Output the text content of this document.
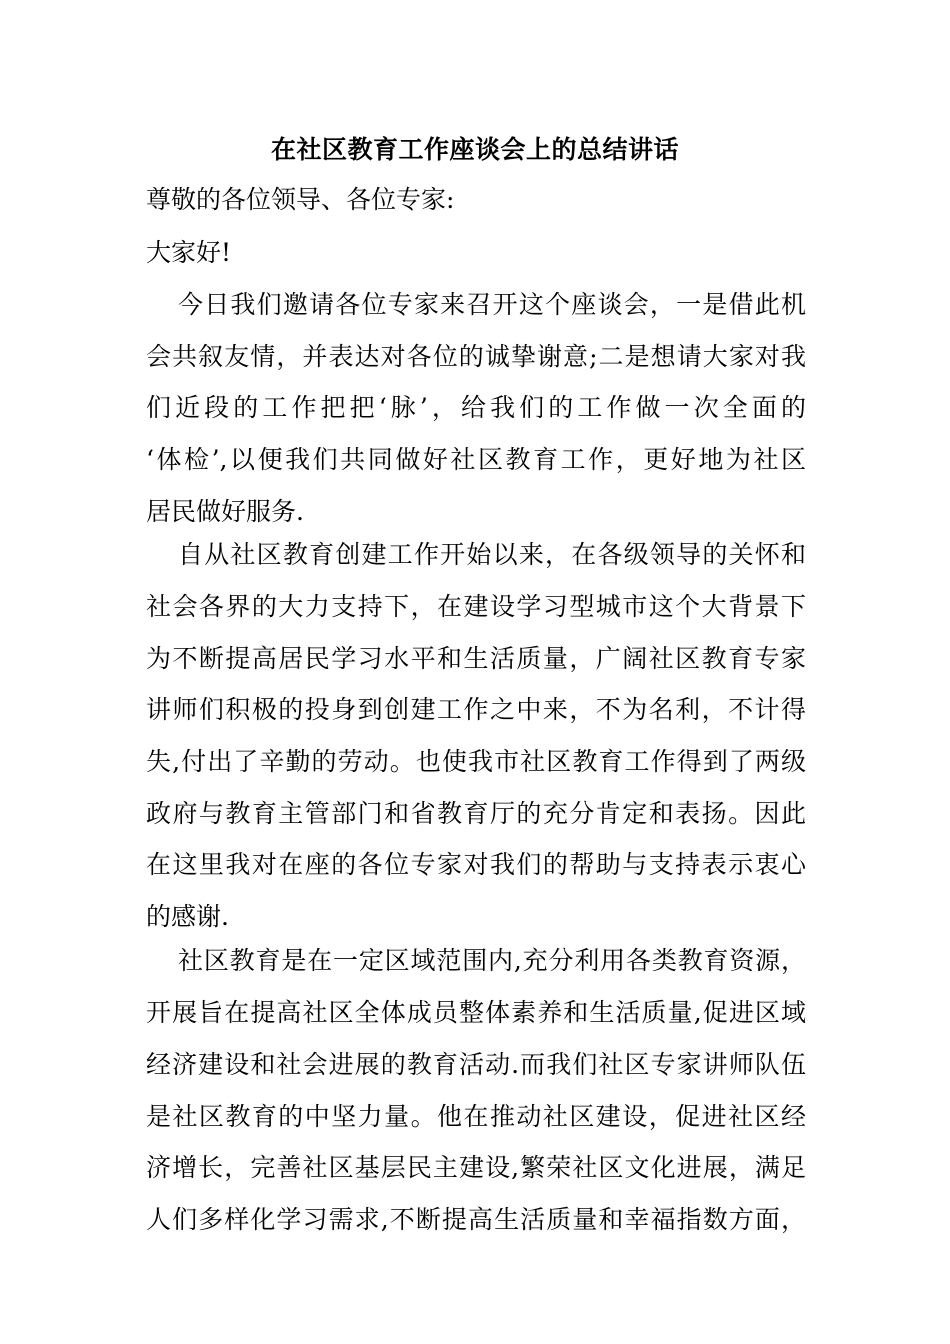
在社区教育工作座谈会上的总结讲话
尊敬的各位领导、各位专家:
大家好!
今日我们邀请各位专家来召开这个座谈会，一是借此机
会共叙友情，并表达对各位的诚挚谢意;二是想请大家对我
们近段的工作把把‘脉’，给我们的工作做一次全面的
‘体检’,以便我们共同做好社区教育工作，更好地为社区
居民做好服务.
自从社区教育创建工作开始以来，在各级领导的关怀和
社会各界的大力支持下，在建设学习型城市这个大背景下
为不断提高居民学习水平和生活质量，广阔社区教育专家
讲师们积极的投身到创建工作之中来，不为名利，不计得
失,付出了辛勤的劳动。也使我市社区教育工作得到了两级
政府与教育主管部门和省教育厅的充分肯定和表扬。因此
在这里我对在座的各位专家对我们的帮助与支持表示衷心
的感谢.
社区教育是在一定区域范围内,充分利用各类教育资源，
开展旨在提高社区全体成员整体素养和生活质量,促进区域
经济建设和社会进展的教育活动.而我们社区专家讲师队伍
是社区教育的中坚力量。他在推动社区建设，促进社区经
济增长，完善社区基层民主建设,繁荣社区文化进展，满足
人们多样化学习需求,不断提高生活质量和幸福指数方面，
